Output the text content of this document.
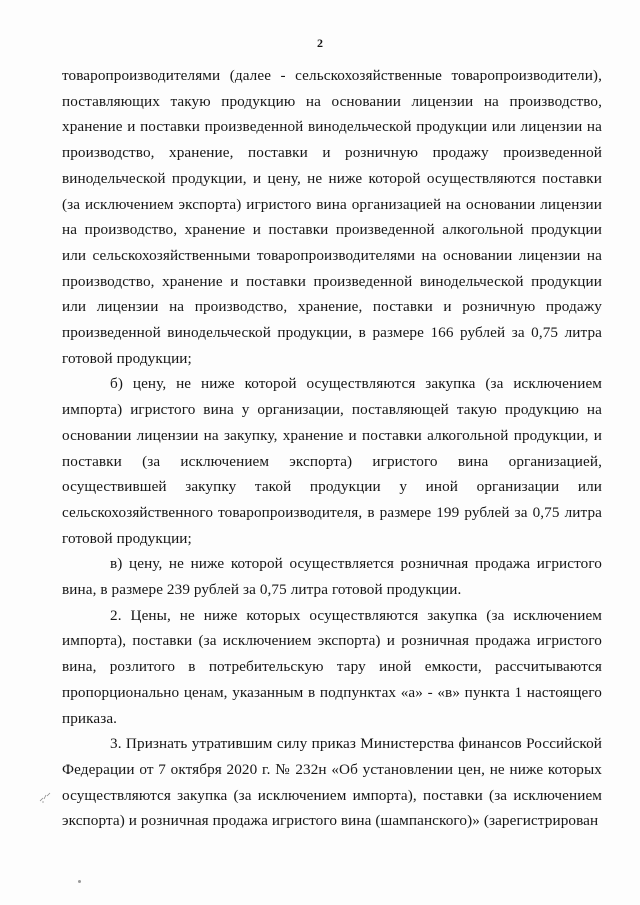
2

товаропроизводителями (далее - сельскохозяйственные товаропроизводители), поставляющих такую продукцию на основании лицензии на производство, хранение и поставки произведенной винодельческой продукции или лицензии на производство, хранение, поставки и розничную продажу произведенной винодельческой продукции, и цену, не ниже которой осуществляются поставки (за исключением экспорта) игристого вина организацией на основании лицензии на производство, хранение и поставки произведенной алкогольной продукции или сельскохозяйственными товаропроизводителями на основании лицензии на производство, хранение и поставки произведенной винодельческой продукции или лицензии на производство, хранение, поставки и розничную продажу произведенной винодельческой продукции, в размере 166 рублей за 0,75 литра готовой продукции;

б) цену, не ниже которой осуществляются закупка (за исключением импорта) игристого вина у организации, поставляющей такую продукцию на основании лицензии на закупку, хранение и поставки алкогольной продукции, и поставки (за исключением экспорта) игристого вина организацией, осуществившей закупку такой продукции у иной организации или сельскохозяйственного товаропроизводителя, в размере 199 рублей за 0,75 литра готовой продукции;

в) цену, не ниже которой осуществляется розничная продажа игристого вина, в размере 239 рублей за 0,75 литра готовой продукции.

2. Цены, не ниже которых осуществляются закупка (за исключением импорта), поставки (за исключением экспорта) и розничная продажа игристого вина, розлитого в потребительскую тару иной емкости, рассчитываются пропорционально ценам, указанным в подпунктах «а» - «в» пункта 1 настоящего приказа.

3. Признать утратившим силу приказ Министерства финансов Российской Федерации от 7 октября 2020 г. № 232н «Об установлении цен, не ниже которых осуществляются закупка (за исключением импорта), поставки (за исключением экспорта) и розничная продажа игристого вина (шампанского)» (зарегистрирован
